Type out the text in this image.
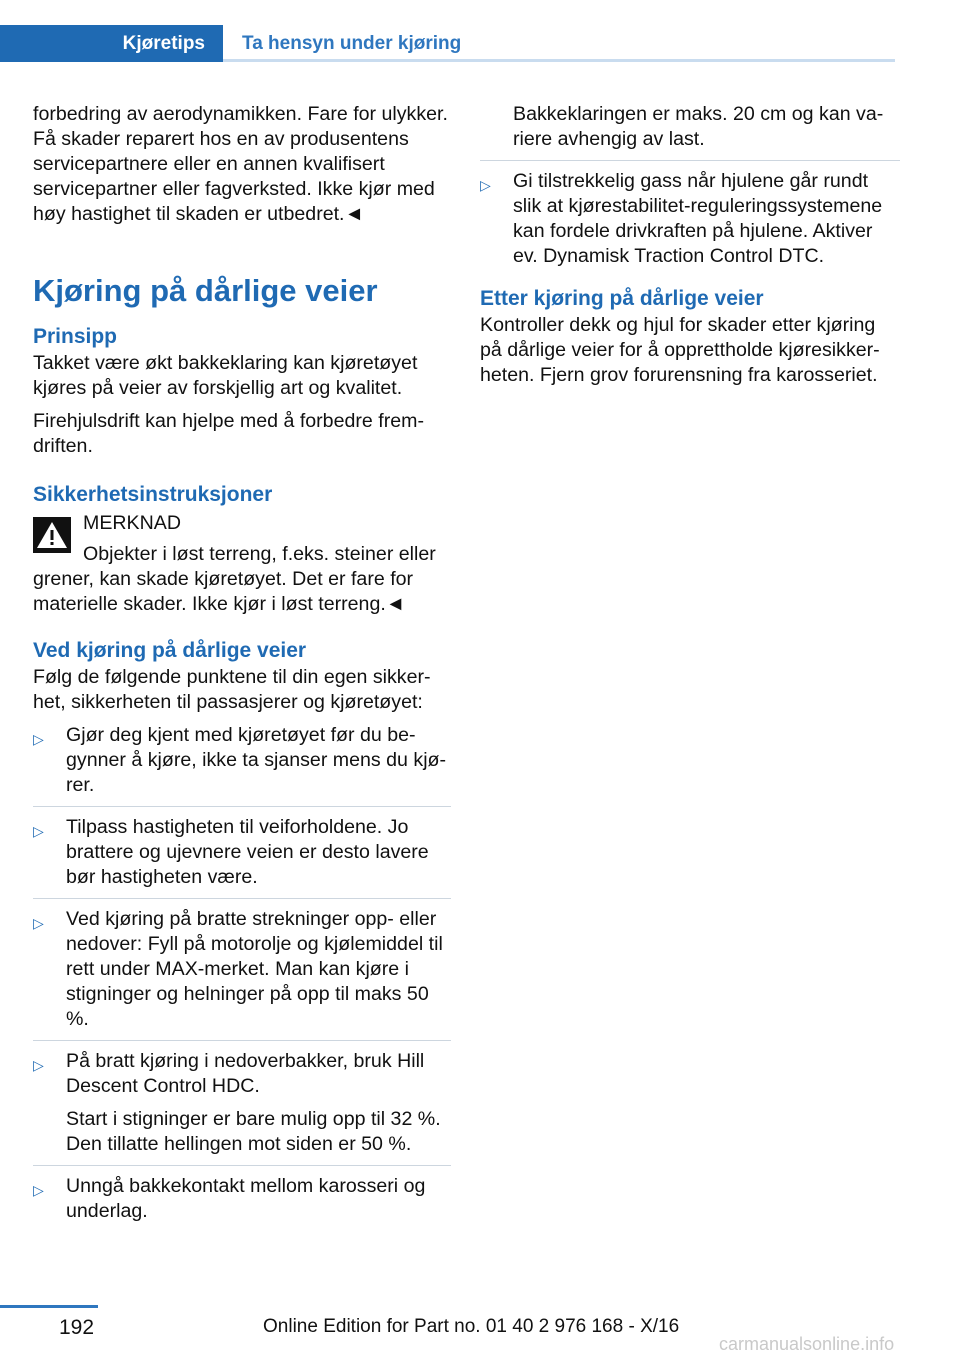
Kjøretips	Ta hensyn under kjøring

forbedring av aerodynamikken. Fare for ulykker. Få skader reparert hos en av produsentens servicepartnere eller en annen kvalifisert servicepartner eller fagverksted. Ikke kjør med høy hastighet til skaden er utbedret.◄

Kjøring på dårlige veier
Prinsipp

Takket være økt bakkeklaring kan kjøretøyet kjøres på veier av forskjellig art og kvalitet.

Firehjulsdrift kan hjelpe med å forbedre fremdriften.

Sikkerhetsinstruksjoner
MERKNAD

Objekter i løst terreng, f.eks. steiner eller grener, kan skade kjøretøyet. Det er fare for materielle skader. Ikke kjør i løst terreng.◄

Ved kjøring på dårlige veier

Følg de følgende punktene til din egen sikkerhet, sikkerheten til passasjerer og kjøretøyet:

▷ Gjør deg kjent med kjøretøyet før du begynner å kjøre, ikke ta sjanser mens du kjører.
▷ Tilpass hastigheten til veiforholdene. Jo brattere og ujevnere veien er desto lavere bør hastigheten være.
▷ Ved kjøring på bratte strekninger opp- eller nedover: Fyll på motorolje og kjølemiddel til rett under MAX-merket. Man kan kjøre i stigninger og helninger på opp til maks 50 %.
▷ På bratt kjøring i nedoverbakker, bruk Hill Descent Control HDC.

Start i stigninger er bare mulig opp til 32 %. Den tillatte hellingen mot siden er 50 %.

▷ Unngå bakkekontakt mellom karosseri og underlag.

Bakkeklaringen er maks. 20 cm og kan variere avhengig av last.

▷ Gi tilstrekkelig gass når hjulene går rundt slik at kjørestabilitet-reguleringssystemene kan fordele drivkraften på hjulene. Aktiver ev. Dynamisk Traction Control DTC.
Etter kjøring på dårlige veier

Kontroller dekk og hjul for skader etter kjøring på dårlige veier for å opprettholde kjøresikkerheten. Fjern grov forurensning fra karosseriet.

192	Online Edition for Part no. 01 40 2 976 168 - X/16
carmanualsonline.info
